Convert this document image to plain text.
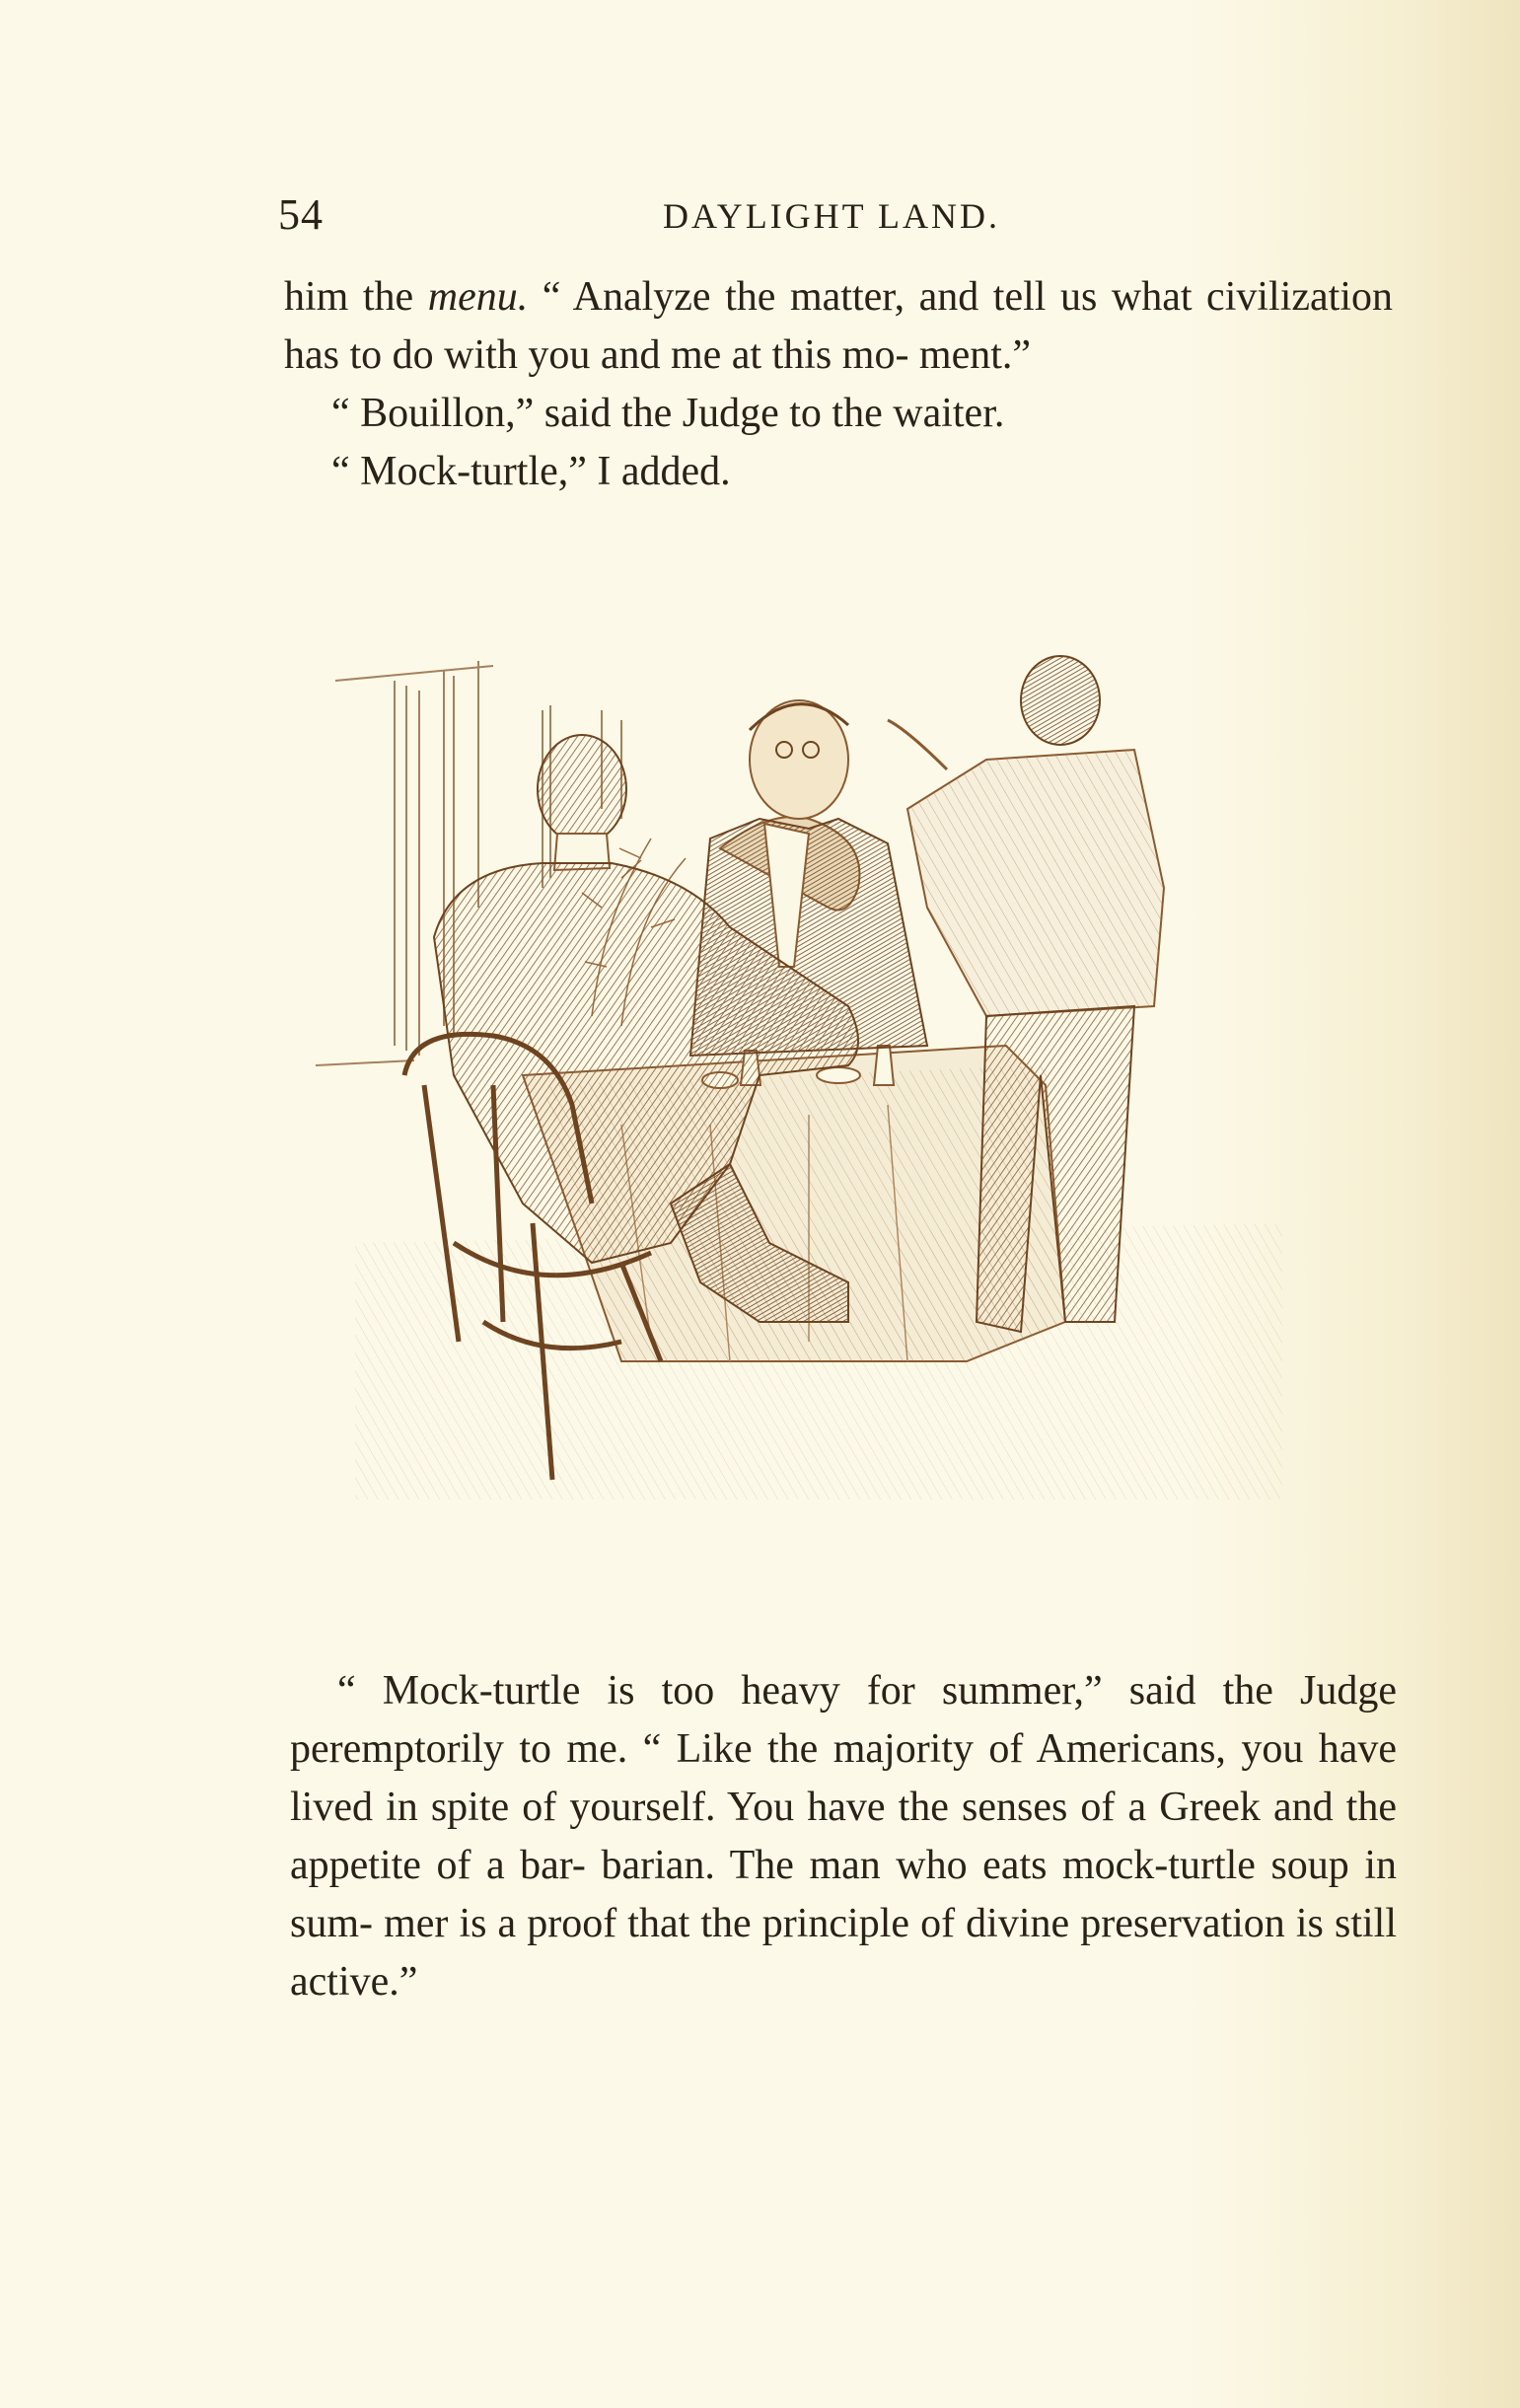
54	DAYLIGHT LAND.

him the menu. “ Analyze the matter, and tell us what civilization has to do with you and me at this mo- ment.”

“ Bouillon,” said the Judge to the waiter.

“ Mock-turtle,” I added.

“ Mock-turtle is too heavy for summer,” said the Judge peremptorily to me. “ Like the majority of Americans, you have lived in spite of yourself. You have the senses of a Greek and the appetite of a bar- barian. The man who eats mock-turtle soup in sum- mer is a proof that the principle of divine preservation is still active.”
